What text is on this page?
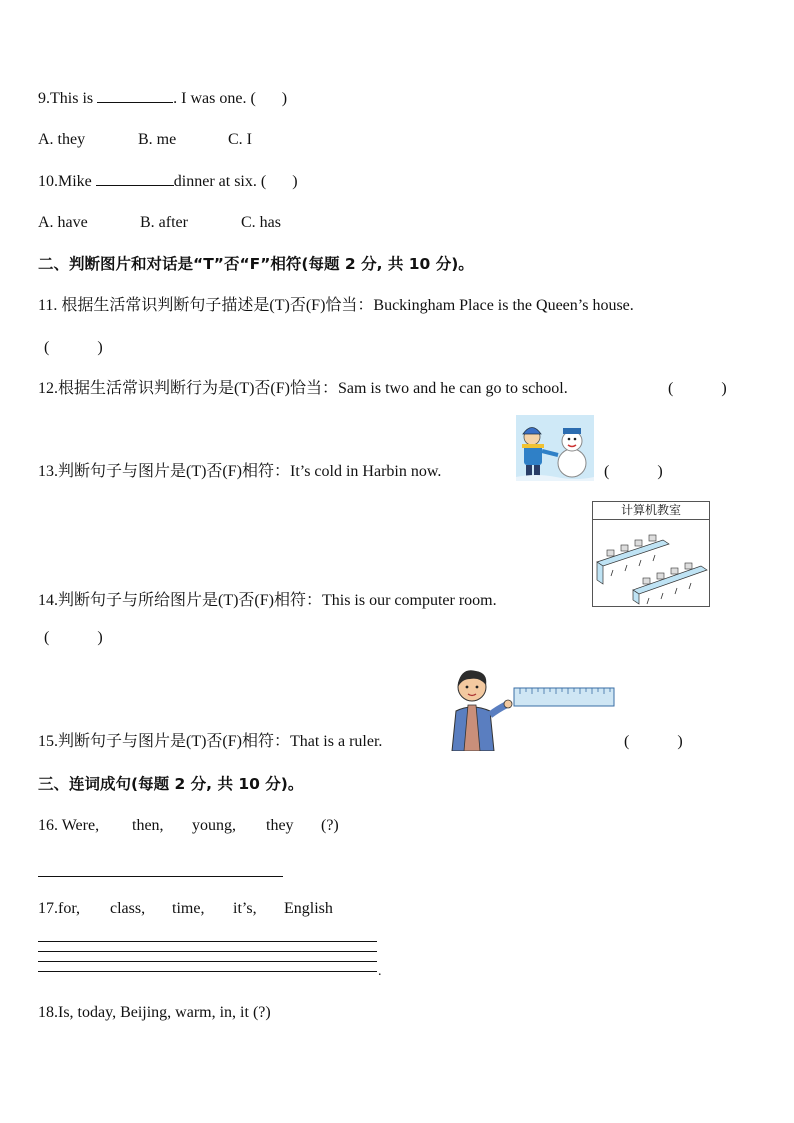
9.This is	. I was one. ( )
A. they	B. me	C. I
10.Mike	dinner at six. ( )
A. have	B. after	C. has
二、判断图片和对话是“T”否“F”相符(每题 2 分, 共 10 分)。
11. 根据生活常识判断句子描述是(T)否(F)恰当：Buckingham Place is the Queen’s house.
(　　　)
12.根据生活常识判断行为是(T)否(F)恰当：Sam is two and he can go to school.	(　　　)
13.判断句子与图片是(T)否(F)相符：It’s cold in Harbin now.	(　　　)
计算机教室
14.判断句子与所给图片是(T)否(F)相符：This is our computer room.
(　　　)
15.判断句子与图片是(T)否(F)相符：That is a ruler.	(　　　)
三、连词成句(每题 2 分, 共 10 分)。
16. Were, then, young, they (?)
17.for, class, time, it’s, English
.
18.Is, today, Beijing, warm, in, it (?)
